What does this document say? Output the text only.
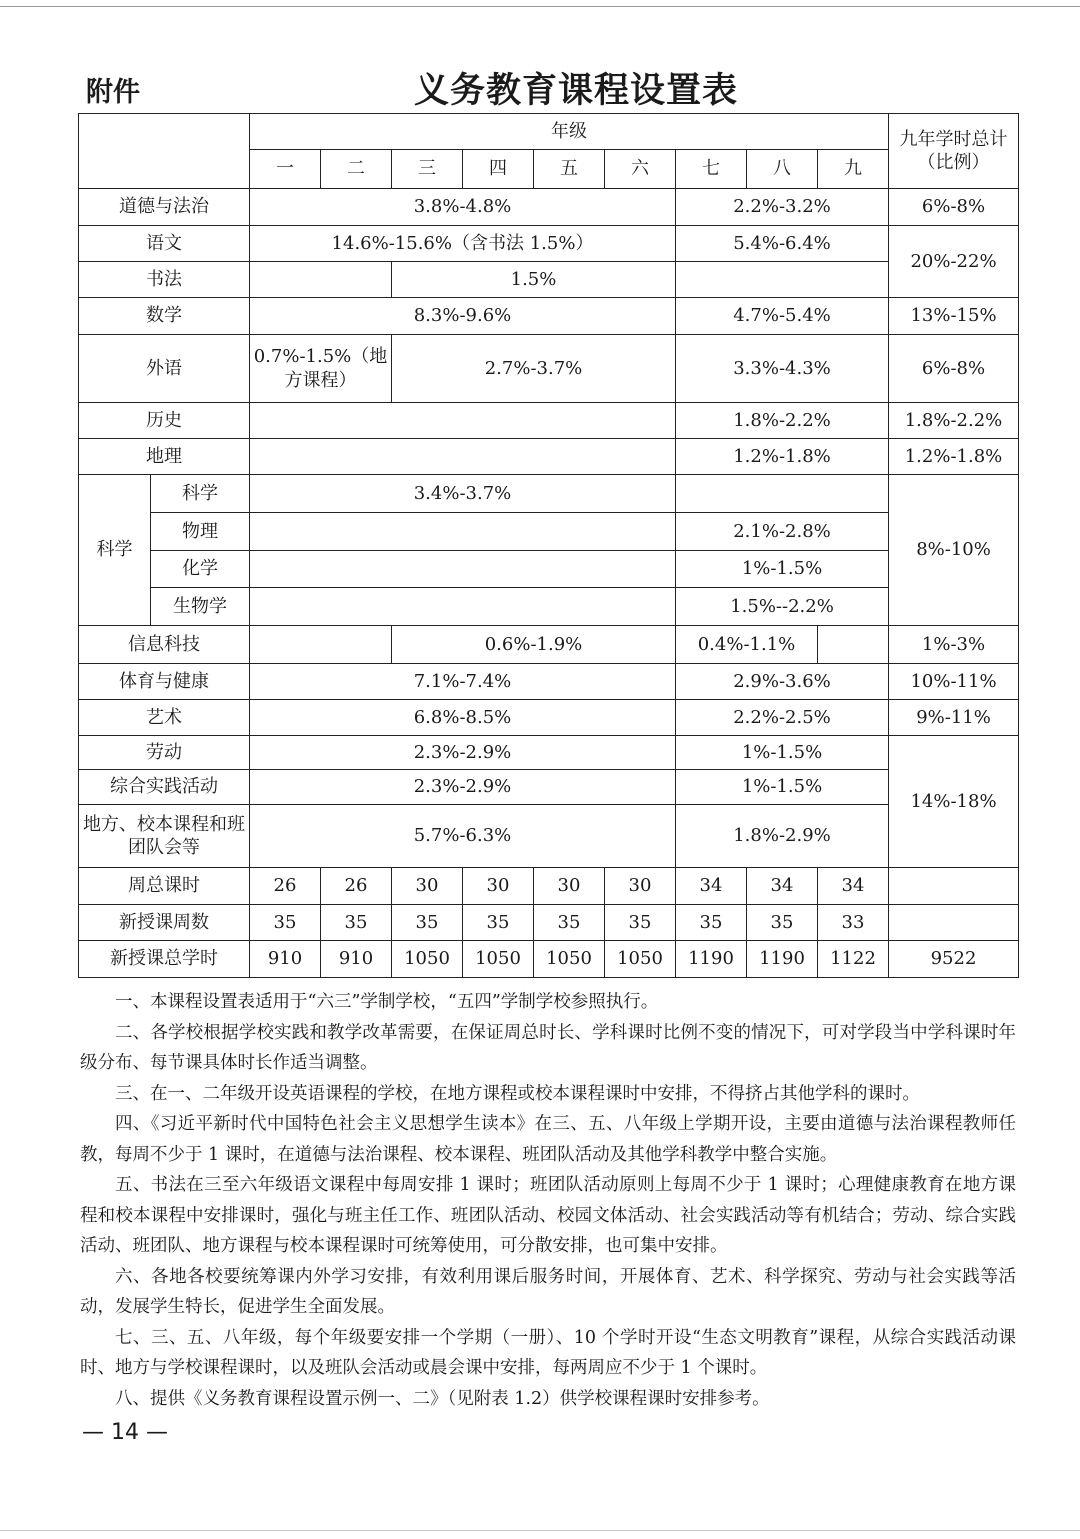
附件	义务教育课程设置表
		年级									九年学时总计（比例）
		一	二	三	四	五	六	七	八	九	
道德与法治		3.8%-4.8%						2.2%-3.2%			6%-8%
语文		14.6%-15.6%（含书法 1.5%）						5.4%-6.4%			20%-22%
书法				1.5%							
数学		8.3%-9.6%						4.7%-5.4%			13%-15%
外语		0.7%-1.5%（地方课程）		2.7%-3.7%				3.3%-4.3%			6%-8%
历史								1.8%-2.2%			1.8%-2.2%
地理								1.2%-1.8%			1.2%-1.8%
科学	科学	3.4%-3.7%									8%-10%
	物理							2.1%-2.8%			
	化学							1%-1.5%			
	生物学							1.5%--2.2%			
信息科技				0.6%-1.9%				0.4%-1.1%			1%-3%
体育与健康		7.1%-7.4%						2.9%-3.6%			10%-11%
艺术		6.8%-8.5%						2.2%-2.5%			9%-11%
劳动		2.3%-2.9%						1%-1.5%			14%-18%
综合实践活动		2.3%-2.9%						1%-1.5%			
地方、校本课程和班团队会等		5.7%-6.3%						1.8%-2.9%			
周总课时		26	26	30	30	30	30	34	34	34	
新授课周数		35	35	35	35	35	35	35	35	33	
新授课总学时		910	910	1050	1050	1050	1050	1190	1190	1122	9522

一、本课程设置表适用于“六三”学制学校，“五四”学制学校参照执行。

二、各学校根据学校实践和教学改革需要，在保证周总时长、学科课时比例不变的情况下，可对学段当中学科课时年级分布、每节课具体时长作适当调整。

三、在一、二年级开设英语课程的学校，在地方课程或校本课程课时中安排，不得挤占其他学科的课时。

四、《习近平新时代中国特色社会主义思想学生读本》在三、五、八年级上学期开设，主要由道德与法治课程教师任教，每周不少于 1 课时，在道德与法治课程、校本课程、班团队活动及其他学科教学中整合实施。

五、书法在三至六年级语文课程中每周安排 1 课时；班团队活动原则上每周不少于 1 课时；心理健康教育在地方课程和校本课程中安排课时，强化与班主任工作、班团队活动、校园文体活动、社会实践活动等有机结合；劳动、综合实践活动、班团队、地方课程与校本课程课时可统筹使用，可分散安排，也可集中安排。

六、各地各校要统筹课内外学习安排，有效利用课后服务时间，开展体育、艺术、科学探究、劳动与社会实践等活动，发展学生特长，促进学生全面发展。

七、三、五、八年级，每个年级要安排一个学期（一册）、10 个学时开设“生态文明教育”课程，从综合实践活动课时、地方与学校课程课时，以及班队会活动或晨会课中安排，每两周应不少于 1 个课时。

八、提供《义务教育课程设置示例一、二》（见附表 1.2）供学校课程课时安排参考。

— 14 —
